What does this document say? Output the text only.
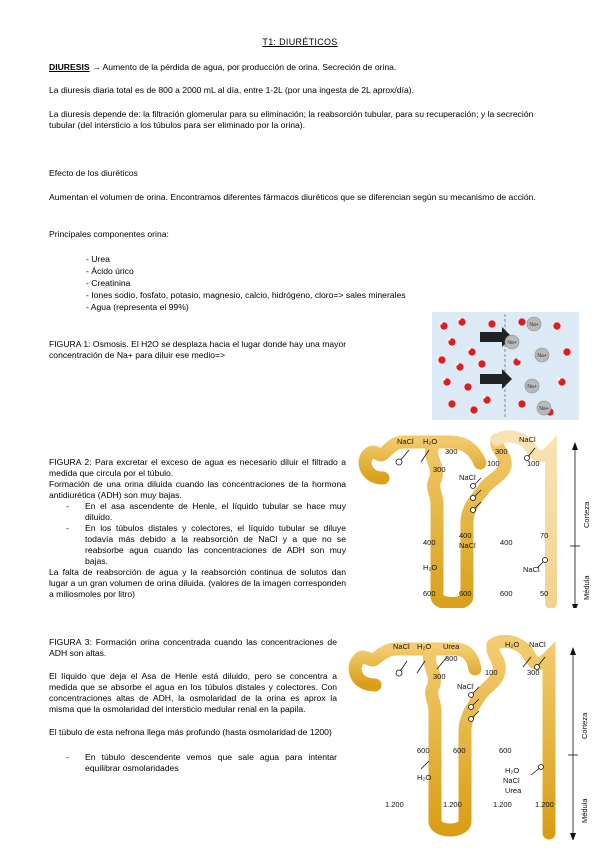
T1: DIURÉTICOS

DIURESIS → Aumento de la pérdida de agua, por producción de orina. Secreción de orina.

La diuresis diaria total es de 800 a 2000 mL al día, entre 1-2L (por una ingesta de 2L aprox/día).

La diuresis depende de: la filtración glomerular para su eliminación; la reabsorción tubular, para su recuperación; y la secreción tubular (del intersticio a los túbulos para ser eliminado por la orina).

Efecto de los diuréticos

Aumentan el volumen de orina. Encontramos diferentes fármacos diuréticos que se diferencian según su mecanismo de acción.

Principales componentes orina:

- Urea
- Ácido úrico
- Creatinina
- Iones sodio, fosfato, potasio, magnesio, calcio, hidrógeno, cloro=> sales minerales
- Agua (representa el 99%)

FIGURA 1: Osmosis. El H2O se desplaza hacia el lugar donde hay una mayor concentración de Na+ para diluir ese medio=>

Na+
Na+
Na+
Na+
Na+

FIGURA 2: Para excretar el exceso de agua es necesario diluir el filtrado a medida que circula por el túbulo.

Formación de una orina diluida cuando las concentraciones de la hormona antidiurética (ADH) son muy bajas.

- En el asa ascendente de Henle, el líquido tubular se hace muy diluido.
- En los túbulos distales y colectores, el líquido tubular se diluye todavía más debido a la reabsorción de NaCl y a que no se reabsorbe agua cuando las concentraciones de ADH son muy bajas.

La falta de reabsorción de agua y la reabsorción continua de solutos dan lugar a un gran volumen de orina diluida. (valores de la imagen corresponden a miliosmoles por litro)

NaCl H₂O
300
300
300
NaCl
100	100
NaCl
400
400
NaCl	400
70
H₂O	NaCl
600	600	600	50
Corteza
Médula

FIGURA 3: Formación orina concentrada cuando las concentraciones de ADH son altas.

El líquido que deja el Asa de Henle está diluido, pero se concentra a medida que se absorbe el agua en los túbulos distales y colectores. Con concentraciones altas de ADH, la osmolaridad de la orina es aprox la misma que la osmolaridad del intersticio medular renal en la papila.

El túbulo de esta nefrona llega más profundo (hasta osmolaridad de 1200)

- En túbulo descendente vemos que sale agua para intentar equilibrar osmolaridades
NaCl H₂O Urea
300
300
H₂O NaCl
100	300
NaCl
600	600	600
H₂O
H₂O
NaCl
Urea
1.200	1.200	1.200	1.200
Corteza
Médula
